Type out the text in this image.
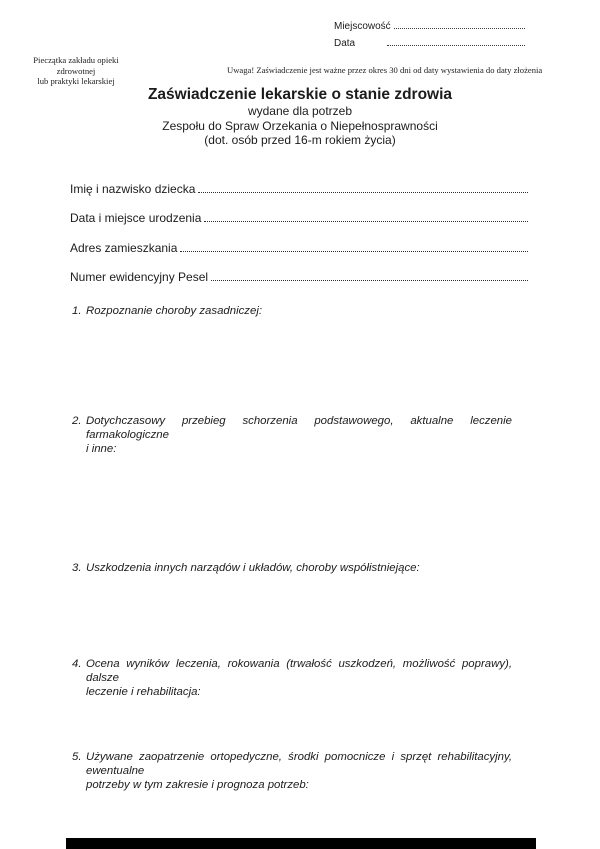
Miejscowość
Data
Pieczątka zakładu opieki zdrowotnej
lub praktyki lekarskiej
Uwaga! Zaświadczenie jest ważne przez okres 30 dni od daty wystawienia do daty złożenia
Zaświadczenie lekarskie o stanie zdrowia
wydane dla potrzeb
Zespołu do Spraw Orzekania o Niepełnosprawności
(dot. osób przed 16-m rokiem życia)
Imię i nazwisko dziecka
Data i miejsce urodzenia
Adres zamieszkania
Numer ewidencyjny Pesel
1. Rozpoznanie choroby zasadniczej:
2. Dotychczasowy przebieg schorzenia podstawowego, aktualne leczenie farmakologiczne
i inne:
3. Uszkodzenia innych narządów i układów, choroby współistniejące:
4. Ocena wyników leczenia, rokowania (trwałość uszkodzeń, możliwość poprawy), dalsze
leczenie i rehabilitacja:
5. Używane zaopatrzenie ortopedyczne, środki pomocnicze i sprzęt rehabilitacyjny, ewentualne
potrzeby w tym zakresie i prognoza potrzeb:
